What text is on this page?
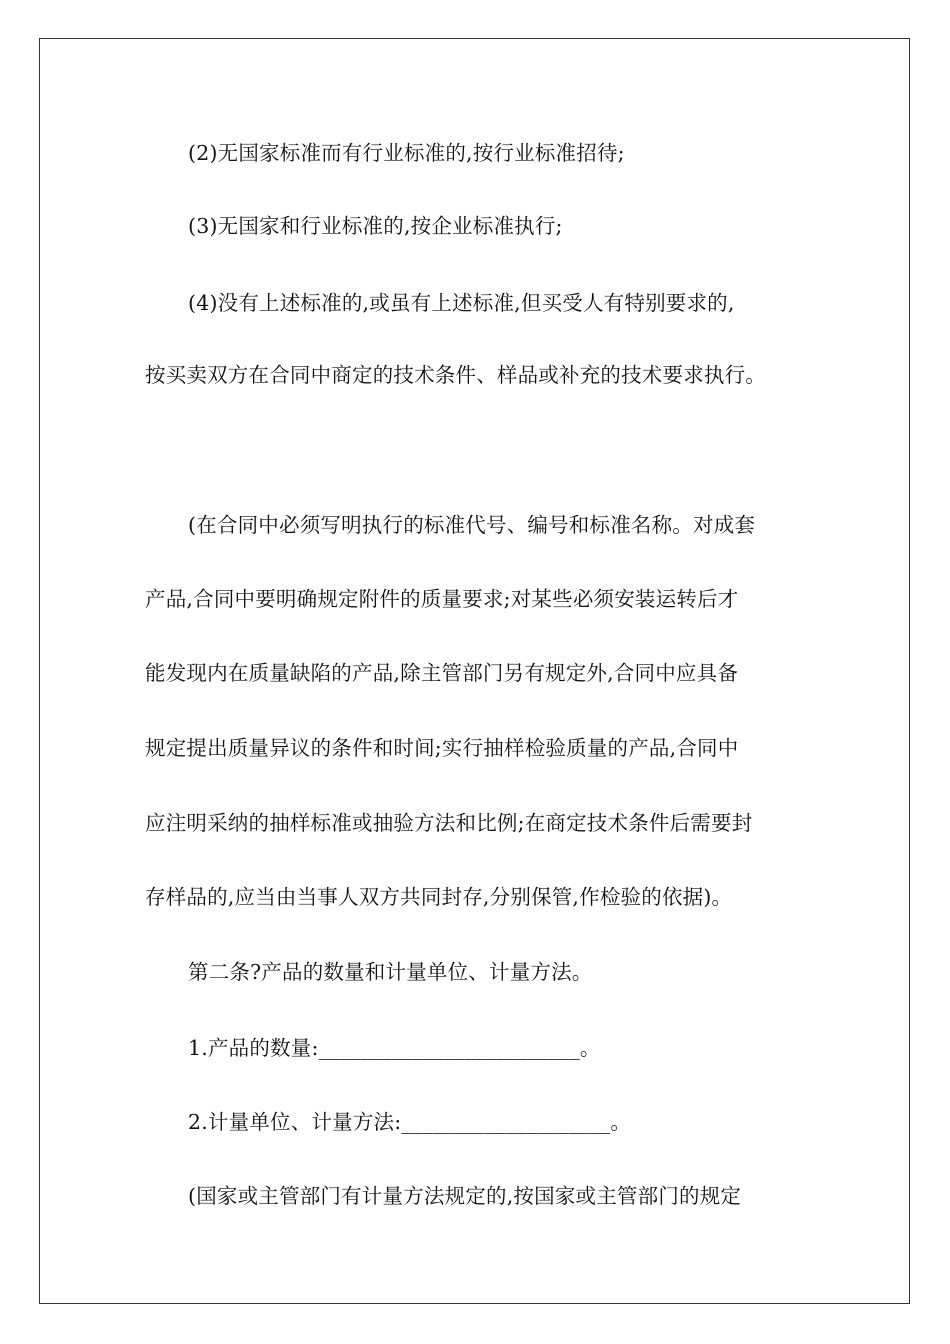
(2)无国家标准而有行业标准的,按行业标准招待;
(3)无国家和行业标准的,按企业标准执行;
(4)没有上述标准的,或虽有上述标准,但买受人有特别要求的,
按买卖双方在合同中商定的技术条件、样品或补充的技术要求执行。
(在合同中必须写明执行的标准代号、编号和标准名称。对成套
产品,合同中要明确规定附件的质量要求;对某些必须安装运转后才
能发现内在质量缺陷的产品,除主管部门另有规定外,合同中应具备
规定提出质量异议的条件和时间;实行抽样检验质量的产品,合同中
应注明采纳的抽样标准或抽验方法和比例;在商定技术条件后需要封
存样品的,应当由当事人双方共同封存,分别保管,作检验的依据)。
第二条?产品的数量和计量单位、计量方法。
1.产品的数量:_________________________。
2.计量单位、计量方法:____________________。
(国家或主管部门有计量方法规定的,按国家或主管部门的规定
